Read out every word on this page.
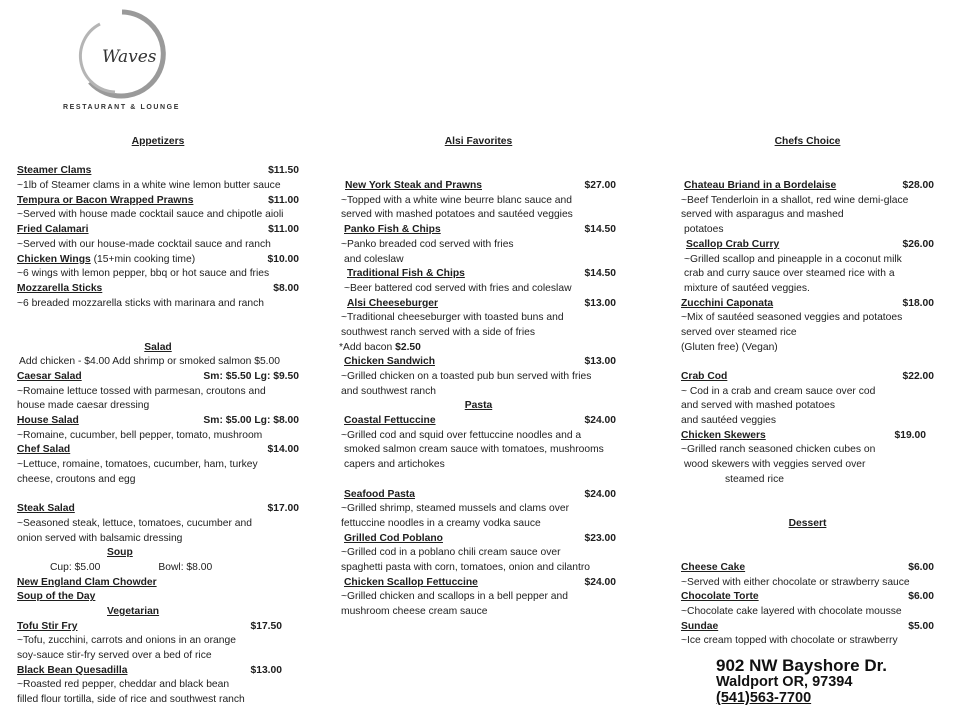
Waves
RESTAURANT & LOUNGE
Appetizers
Steamer Clams	$11.50
~1lb of Steamer clams in a white wine lemon butter sauce
Tempura or Bacon Wrapped Prawns	$11.00
~Served with house made cocktail sauce and chipotle aioli
Fried Calamari	$11.00
~Served with our house-made cocktail sauce and ranch
Chicken Wings (15+min cooking time)	$10.00
~6 wings with lemon pepper, bbq or hot sauce and fries
Mozzarella Sticks	$8.00
~6 breaded mozzarella sticks with marinara and ranch
Salad
Add chicken - $4.00 Add shrimp or smoked salmon $5.00
Caesar Salad	Sm: $5.50 Lg: $9.50
~Romaine lettuce tossed with parmesan, croutons and
house made caesar dressing
House Salad	Sm: $5.00 Lg: $8.00
~Romaine, cucumber, bell pepper, tomato, mushroom
Chef Salad	$14.00
~Lettuce, romaine, tomatoes, cucumber, ham, turkey
cheese, croutons and egg
Steak Salad	$17.00
~Seasoned steak, lettuce, tomatoes, cucumber and
onion served with balsamic dressing
Soup
Cup: $5.00	Bowl: $8.00
New England Clam Chowder
Soup of the Day
Vegetarian
Tofu Stir Fry	$17.50
~Tofu, zucchini, carrots and onions in an orange
soy-sauce stir-fry served over a bed of rice
Black Bean Quesadilla	$13.00
~Roasted red pepper, cheddar and black bean
filled flour tortilla, side of rice and southwest ranch
Alsi Favorites
New York Steak and Prawns	$27.00
~Topped with a white wine beurre blanc sauce and
served with mashed potatoes and sautéed veggies
Panko Fish & Chips	$14.50
~Panko breaded cod served with fries
and coleslaw
Traditional Fish & Chips	$14.50
~Beer battered cod served with fries and coleslaw
Alsi Cheeseburger	$13.00
~Traditional cheeseburger with toasted buns and
southwest ranch served with a side of fries
*Add bacon $2.50
Chicken Sandwich	$13.00
~Grilled chicken on a toasted pub bun served with fries
and southwest ranch
Pasta
Coastal Fettuccine	$24.00
~Grilled cod and squid over fettuccine noodles and a
smoked salmon cream sauce with tomatoes, mushrooms
capers and artichokes
Seafood Pasta	$24.00
~Grilled shrimp, steamed mussels and clams over
fettuccine noodles in a creamy vodka sauce
Grilled Cod Poblano	$23.00
~Grilled cod in a poblano chili cream sauce over
spaghetti pasta with corn, tomatoes, onion and cilantro
Chicken Scallop Fettuccine	$24.00
~Grilled chicken and scallops in a bell pepper and
mushroom cheese cream sauce
Chefs Choice
Chateau Briand in a Bordelaise	$28.00
~Beef Tenderloin in a shallot, red wine demi-glace
served with asparagus and mashed
potatoes
Scallop Crab Curry	$26.00
~Grilled scallop and pineapple in a coconut milk
crab and curry sauce over steamed rice with a
mixture of sautéed veggies.
Zucchini Caponata	$18.00
~Mix of sautéed seasoned veggies and potatoes
served over steamed rice
(Gluten free) (Vegan)
Crab Cod	$22.00
~ Cod in a crab and cream sauce over cod
and served with mashed potatoes
and sautéed veggies
Chicken Skewers	$19.00
~Grilled ranch seasoned chicken cubes on
wood skewers with veggies served over
steamed rice
Dessert
Cheese Cake	$6.00
~Served with either chocolate or strawberry sauce
Chocolate Torte	$6.00
~Chocolate cake layered with chocolate mousse
Sundae	$5.00
~Ice cream topped with chocolate or strawberry
902 NW Bayshore Dr.
Waldport OR, 97394
(541)563-7700
